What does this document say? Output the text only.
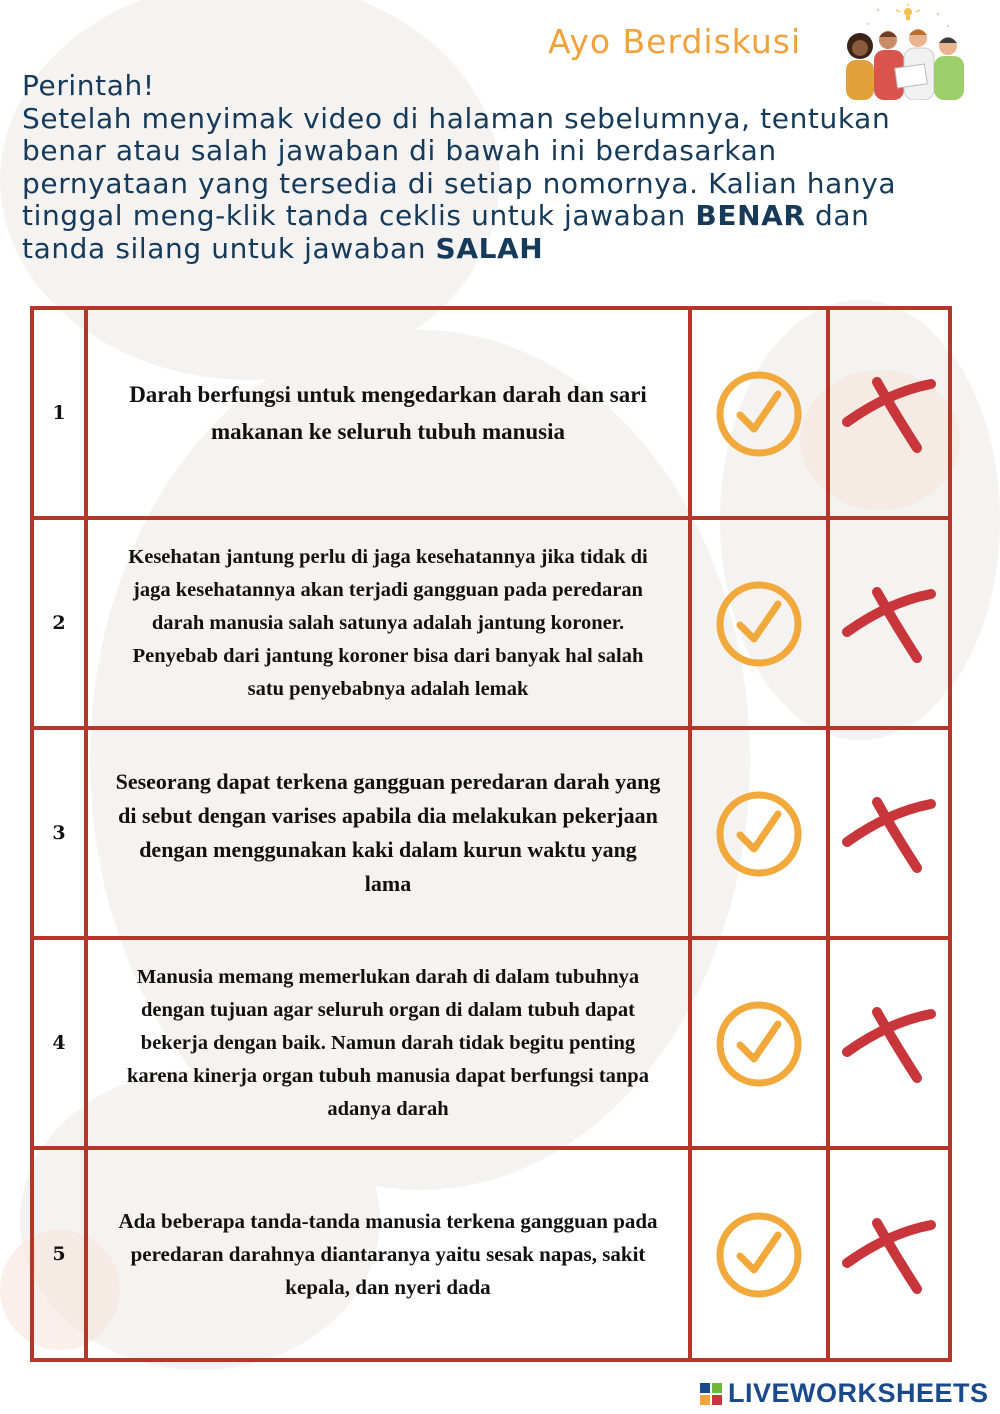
Ayo Berdiskusi
Perintah!
Setelah menyimak video di halaman sebelumnya, tentukan benar atau salah jawaban di bawah ini berdasarkan pernyataan yang tersedia di setiap nomornya. Kalian hanya tinggal meng-klik tanda ceklis untuk jawaban BENAR dan tanda silang untuk jawaban SALAH
1
Darah berfungsi untuk mengedarkan darah dan sari makanan ke seluruh tubuh manusia
2
Kesehatan jantung perlu di jaga kesehatannya jika tidak di jaga kesehatannya akan terjadi gangguan pada peredaran darah manusia salah satunya adalah jantung koroner. Penyebab dari jantung koroner bisa dari banyak hal salah satu penyebabnya adalah lemak
3
Seseorang dapat terkena gangguan peredaran darah yang di sebut dengan varises apabila dia melakukan pekerjaan dengan menggunakan kaki dalam kurun waktu yang lama
4
Manusia memang memerlukan darah di dalam tubuhnya dengan tujuan agar seluruh organ di dalam tubuh dapat bekerja dengan baik. Namun darah tidak begitu penting karena kinerja organ tubuh manusia dapat berfungsi tanpa adanya darah
5
Ada beberapa tanda-tanda manusia terkena gangguan pada peredaran darahnya diantaranya yaitu sesak napas, sakit kepala, dan nyeri dada
LIVEWORKSHEETS
